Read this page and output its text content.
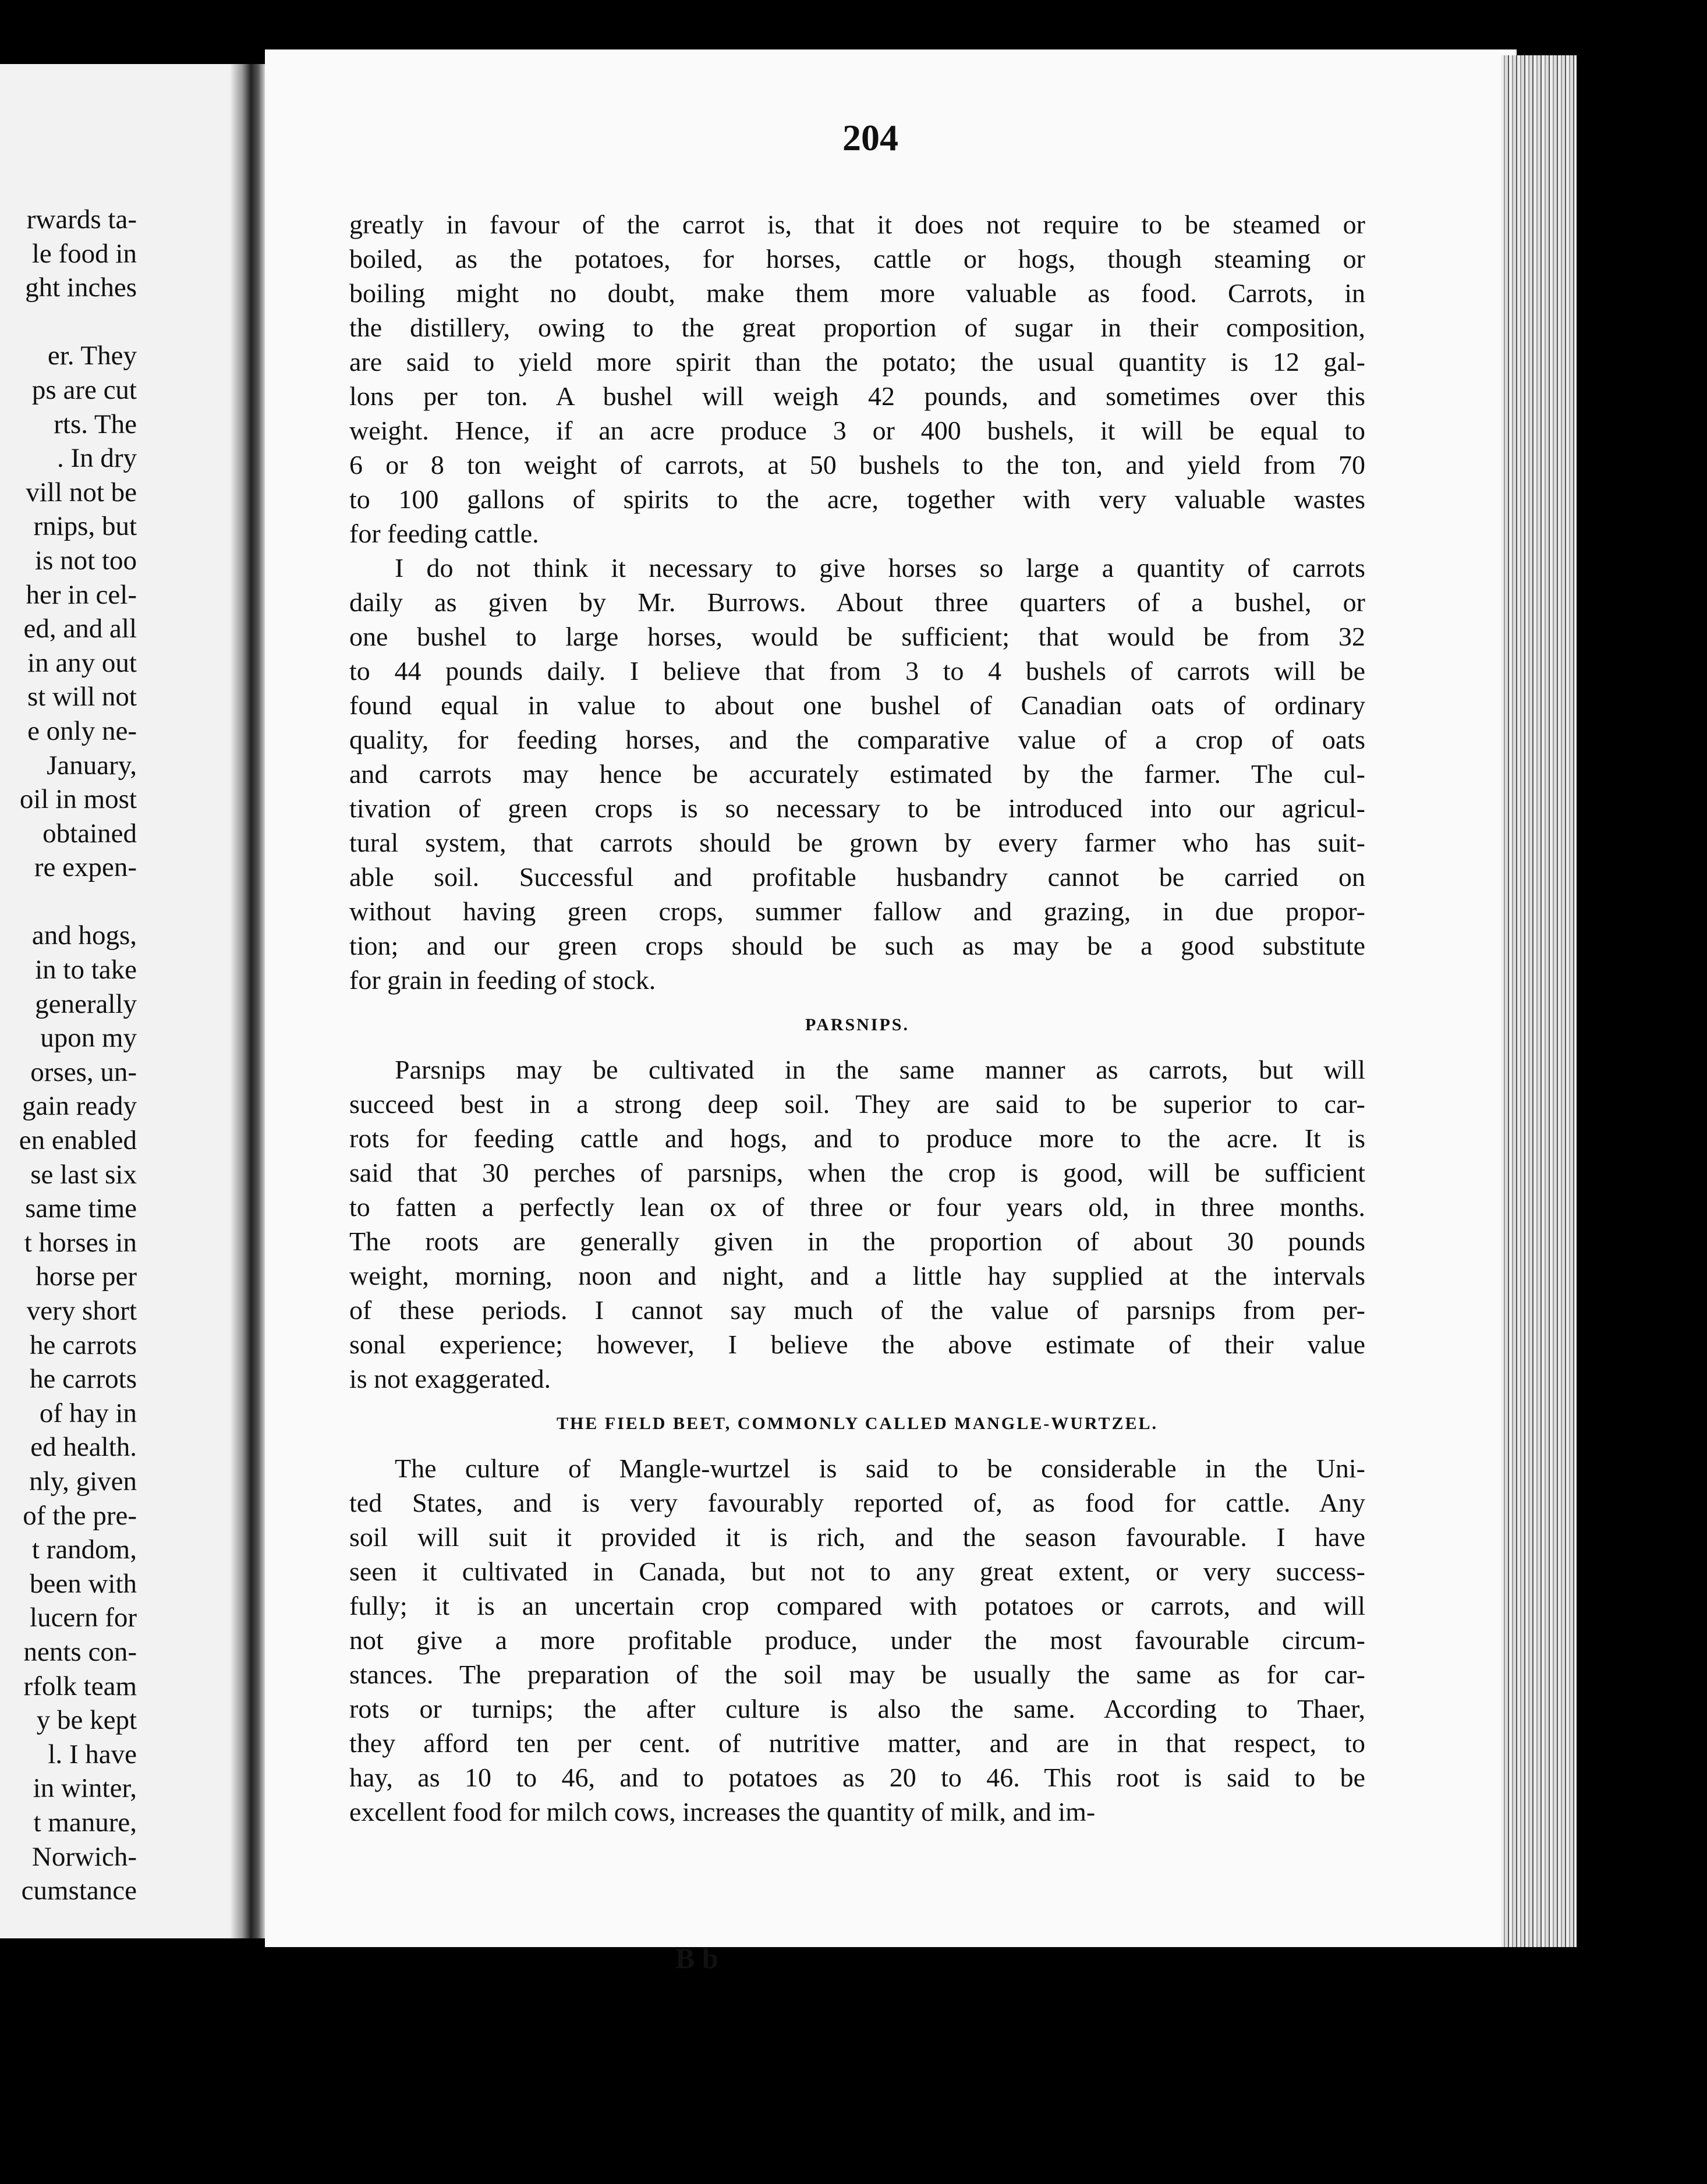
rwards ta-
le food in
ght inches
er. They
ps are cut
rts. The
. In dry
vill not be
rnips, but
is not too
her in cel-
ed, and all
in any out
st will not
e only ne-
January,
oil in most
obtained
re expen-
and hogs,
in to take
generally
upon my
orses, un-
gain ready
en enabled
se last six
same time
t horses in
horse per
very short
he carrots
he carrots
of hay in
ed health.
nly, given
of the pre-
t random,
been with
lucern for
nents con-
rfolk team
y be kept
l. I have
in winter,
t manure,
Norwich-
cumstance
204
greatly in favour of the carrot is, that it does not require to be steamed or
boiled, as the potatoes, for horses, cattle or hogs, though steaming or
boiling might no doubt, make them more valuable as food. Carrots, in
the distillery, owing to the great proportion of sugar in their composition,
are said to yield more spirit than the potato; the usual quantity is 12 gal-
lons per ton. A bushel will weigh 42 pounds, and sometimes over this
weight. Hence, if an acre produce 3 or 400 bushels, it will be equal to
6 or 8 ton weight of carrots, at 50 bushels to the ton, and yield from 70
to 100 gallons of spirits to the acre, together with very valuable wastes
for feeding cattle.
I do not think it necessary to give horses so large a quantity of carrots
daily as given by Mr. Burrows. About three quarters of a bushel, or
one bushel to large horses, would be sufficient; that would be from 32
to 44 pounds daily. I believe that from 3 to 4 bushels of carrots will be
found equal in value to about one bushel of Canadian oats of ordinary
quality, for feeding horses, and the comparative value of a crop of oats
and carrots may hence be accurately estimated by the farmer. The cul-
tivation of green crops is so necessary to be introduced into our agricul-
tural system, that carrots should be grown by every farmer who has suit-
able soil. Successful and profitable husbandry cannot be carried on
without having green crops, summer fallow and grazing, in due propor-
tion; and our green crops should be such as may be a good substitute
for grain in feeding of stock.
PARSNIPS.
Parsnips may be cultivated in the same manner as carrots, but will
succeed best in a strong deep soil. They are said to be superior to car-
rots for feeding cattle and hogs, and to produce more to the acre. It is
said that 30 perches of parsnips, when the crop is good, will be sufficient
to fatten a perfectly lean ox of three or four years old, in three months.
The roots are generally given in the proportion of about 30 pounds
weight, morning, noon and night, and a little hay supplied at the intervals
of these periods. I cannot say much of the value of parsnips from per-
sonal experience; however, I believe the above estimate of their value
is not exaggerated.
THE FIELD BEET, COMMONLY CALLED MANGLE-WURTZEL.
The culture of Mangle-wurtzel is said to be considerable in the Uni-
ted States, and is very favourably reported of, as food for cattle. Any
soil will suit it provided it is rich, and the season favourable. I have
seen it cultivated in Canada, but not to any great extent, or very success-
fully; it is an uncertain crop compared with potatoes or carrots, and will
not give a more profitable produce, under the most favourable circum-
stances. The preparation of the soil may be usually the same as for car-
rots or turnips; the after culture is also the same. According to Thaer,
they afford ten per cent. of nutritive matter, and are in that respect, to
hay, as 10 to 46, and to potatoes as 20 to 46. This root is said to be
excellent food for milch cows, increases the quantity of milk, and im-
B b
